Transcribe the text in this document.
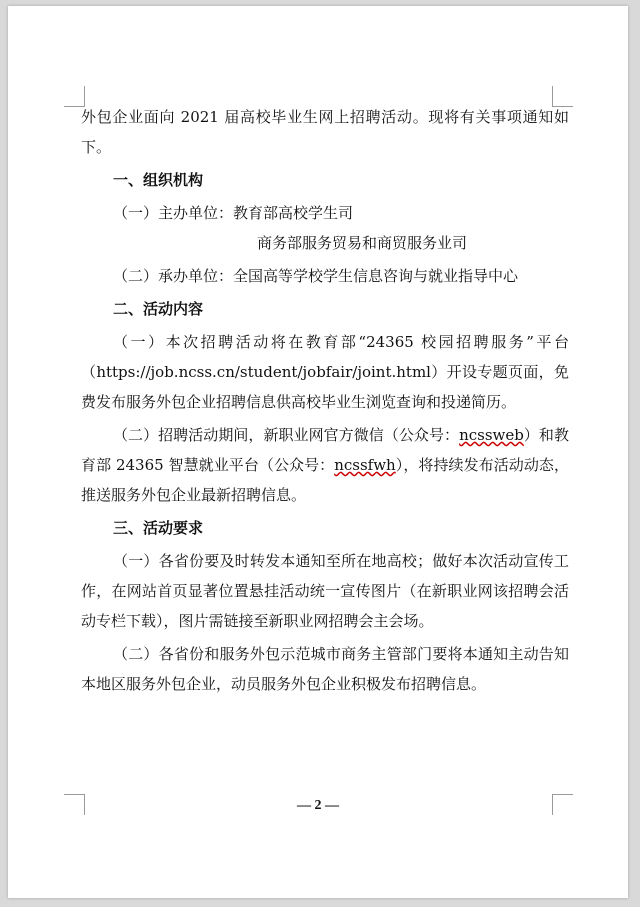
外包企业面向 2021 届高校毕业生网上招聘活动。现将有关事项通知如下。

一、组织机构

（一）主办单位：教育部高校学生司

商务部服务贸易和商贸服务业司

（二）承办单位：全国高等学校学生信息咨询与就业指导中心

二、活动内容

（一）本次招聘活动将在教育部“24365 校园招聘服务”平台（https://job.ncss.cn/student/jobfair/joint.html）开设专题页面，免费发布服务外包企业招聘信息供高校毕业生浏览查询和投递简历。

（二）招聘活动期间，新职业网官方微信（公众号：ncssweb）和教育部 24365 智慧就业平台（公众号：ncssfwh），将持续发布活动动态，推送服务外包企业最新招聘信息。

三、活动要求

（一）各省份要及时转发本通知至所在地高校；做好本次活动宣传工作，在网站首页显著位置悬挂活动统一宣传图片（在新职业网该招聘会活动专栏下载），图片需链接至新职业网招聘会主会场。

（二）各省份和服务外包示范城市商务主管部门要将本通知主动告知本地区服务外包企业，动员服务外包企业积极发布招聘信息。

— 2 —
